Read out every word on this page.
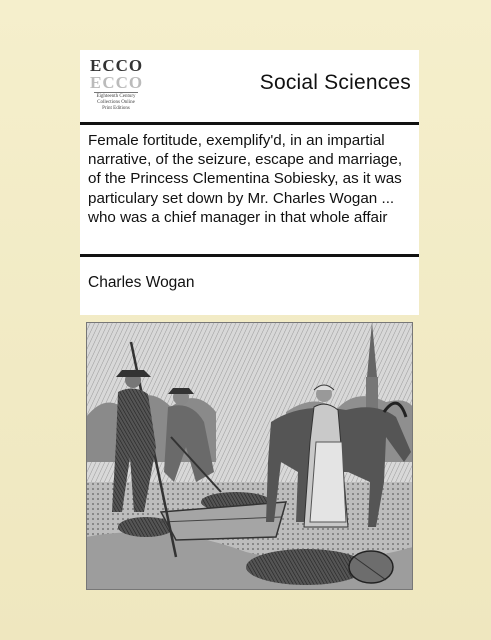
ECCO
ECCO
Eighteenth Century
Collections Online
Print Editions
Social Sciences
Female fortitude, exemplify'd, in an impartial narrative, of the seizure, escape and marriage, of the Princess Clementina Sobiesky, as it was particulary set down by Mr. Charles Wogan ... who was a chief manager in that whole affair
Charles Wogan
